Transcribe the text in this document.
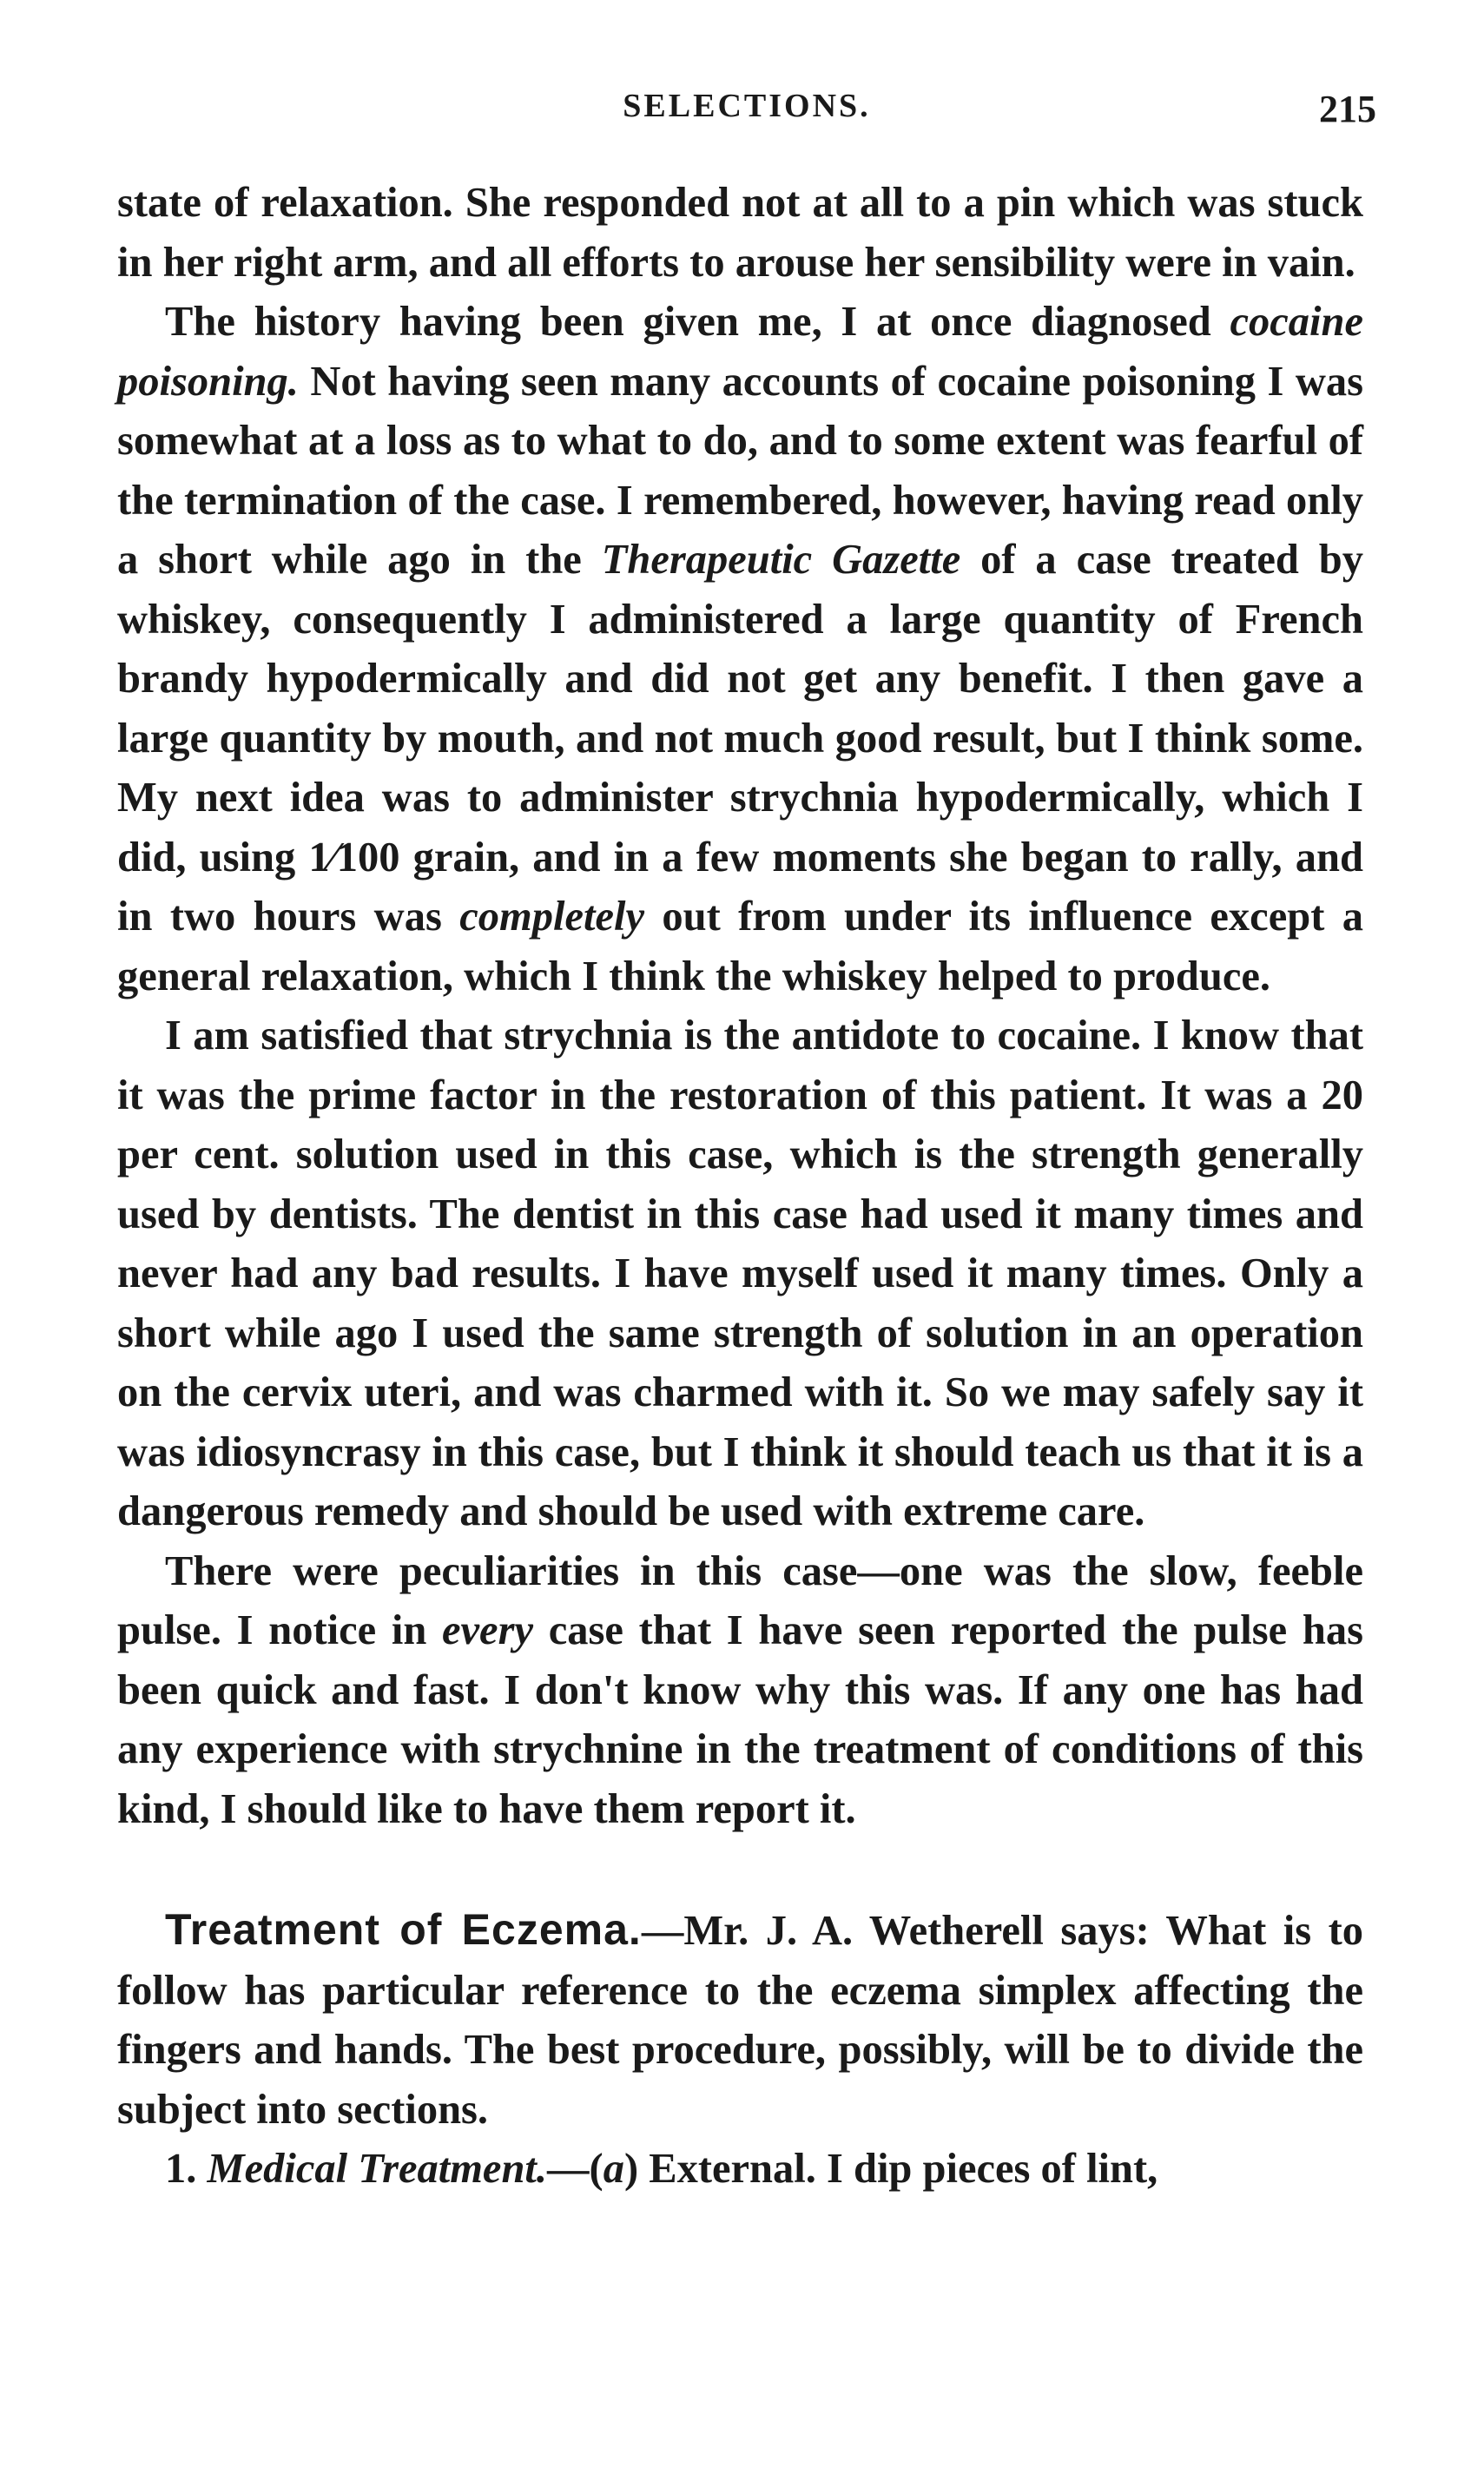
SELECTIONS.	215

state of relaxation. She responded not at all to a pin which was stuck in her right arm, and all efforts to arouse her sensibility were in vain.

The history having been given me, I at once diagnosed cocaine poisoning. Not having seen many accounts of cocaine poisoning I was somewhat at a loss as to what to do, and to some extent was fearful of the termination of the case. I remembered, however, having read only a short while ago in the Therapeutic Gazette of a case treated by whiskey, consequently I administered a large quantity of French brandy hypodermically and did not get any benefit. I then gave a large quantity by mouth, and not much good result, but I think some. My next idea was to administer strychnia hypodermically, which I did, using 1⁄100 grain, and in a few moments she began to rally, and in two hours was completely out from under its influence except a general relaxation, which I think the whiskey helped to produce.

I am satisfied that strychnia is the antidote to cocaine. I know that it was the prime factor in the restoration of this patient. It was a 20 per cent. solution used in this case, which is the strength generally used by dentists. The dentist in this case had used it many times and never had any bad results. I have myself used it many times. Only a short while ago I used the same strength of solution in an operation on the cervix uteri, and was charmed with it. So we may safely say it was idiosyncrasy in this case, but I think it should teach us that it is a dangerous remedy and should be used with extreme care.

There were peculiarities in this case—one was the slow, feeble pulse. I notice in every case that I have seen reported the pulse has been quick and fast. I don't know why this was. If any one has had any experience with strychnine in the treatment of conditions of this kind, I should like to have them report it.

Treatment of Eczema.—Mr. J. A. Wetherell says: What is to follow has particular reference to the eczema simplex affecting the fingers and hands. The best procedure, possibly, will be to divide the subject into sections.

1. Medical Treatment.—(a) External. I dip pieces of lint,
